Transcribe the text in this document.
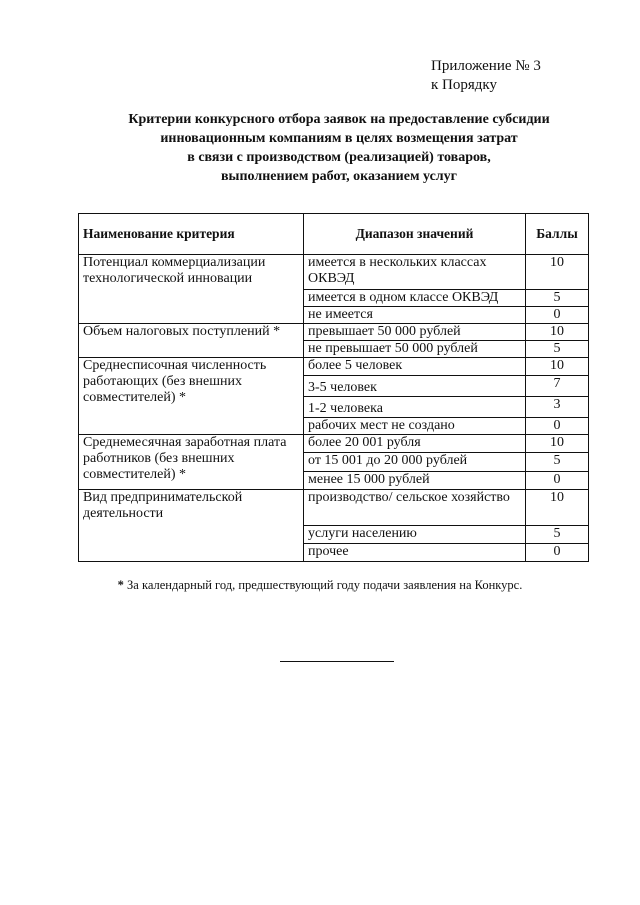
Приложение № 3
к Порядку
Критерии конкурсного отбора заявок на предоставление субсидии
инновационным компаниям в целях возмещения затрат
в связи с производством (реализацией) товаров,
выполнением работ, оказанием услуг
Наименование критерия	Диапазон значений	Баллы
Потенциал коммерциализации технологической инновации	имеется в нескольких классах ОКВЭД	10
	имеется в одном классе ОКВЭД	5
	не имеется	0
Объем налоговых поступлений *	превышает 50 000 рублей	10
	не превышает 50 000 рублей	5
Среднесписочная численность работающих (без внешних совместителей) *	более 5 человек	10
	3-5 человек	7
	1-2 человека	3
	рабочих мест не создано	0
Среднемесячная заработная плата работников (без внешних совместителей) *	более 20 001 рубля	10
	от 15 001 до 20 000 рублей	5
	менее 15 000 рублей	0
Вид предпринимательской деятельности	производство/ сельское хозяйство	10
	услуги населению	5
	прочее	0
* За календарный год, предшествующий году подачи заявления на Конкурс.
